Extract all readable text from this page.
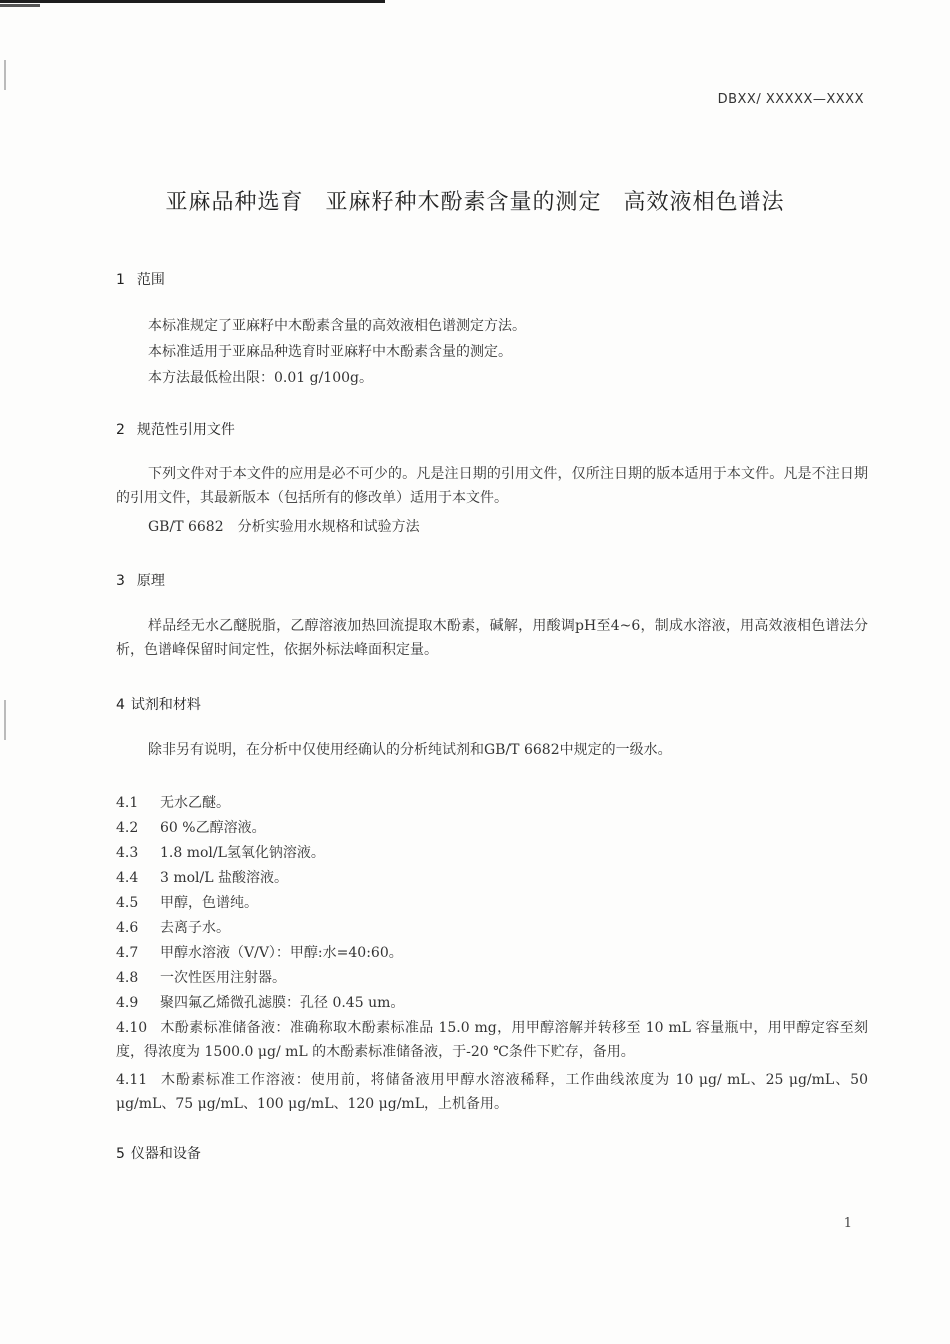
DBXX/ XXXXX—XXXX
亚麻品种选育 亚麻籽种木酚素含量的测定 高效液相色谱法
1 范围
本标准规定了亚麻籽中木酚素含量的高效液相色谱测定方法。
本标准适用于亚麻品种选育时亚麻籽中木酚素含量的测定。
本方法最低检出限：0.01 g/100g。
2 规范性引用文件
下列文件对于本文件的应用是必不可少的。凡是注日期的引用文件，仅所注日期的版本适用于本文件。凡是不注日期的引用文件，其最新版本（包括所有的修改单）适用于本文件。
GB/T 6682　分析实验用水规格和试验方法
3 原理
样品经无水乙醚脱脂，乙醇溶液加热回流提取木酚素，碱解，用酸调pH至4~6，制成水溶液，用高效液相色谱法分析，色谱峰保留时间定性，依据外标法峰面积定量。
4 试剂和材料
除非另有说明，在分析中仅使用经确认的分析纯试剂和GB/T 6682中规定的一级水。
4.1 无水乙醚。
4.2 60 %乙醇溶液。
4.3 1.8 mol/L氢氧化钠溶液。
4.4 3 mol/L 盐酸溶液。
4.5 甲醇，色谱纯。
4.6 去离子水。
4.7 甲醇水溶液（V/V）：甲醇:水=40:60。
4.8 一次性医用注射器。
4.9 聚四氟乙烯微孔滤膜：孔径 0.45 um。
4.10 木酚素标准储备液：准确称取木酚素标准品 15.0 mg，用甲醇溶解并转移至 10 mL 容量瓶中，用甲醇定容至刻度，得浓度为 1500.0 μg/ mL 的木酚素标准储备液，于-20 ℃条件下贮存，备用。
4.11 木酚素标准工作溶液：使用前，将储备液用甲醇水溶液稀释，工作曲线浓度为 10 μg/ mL、25 μg/mL、50 μg/mL、75 μg/mL、100 μg/mL、120 μg/mL，上机备用。
5 仪器和设备
1
